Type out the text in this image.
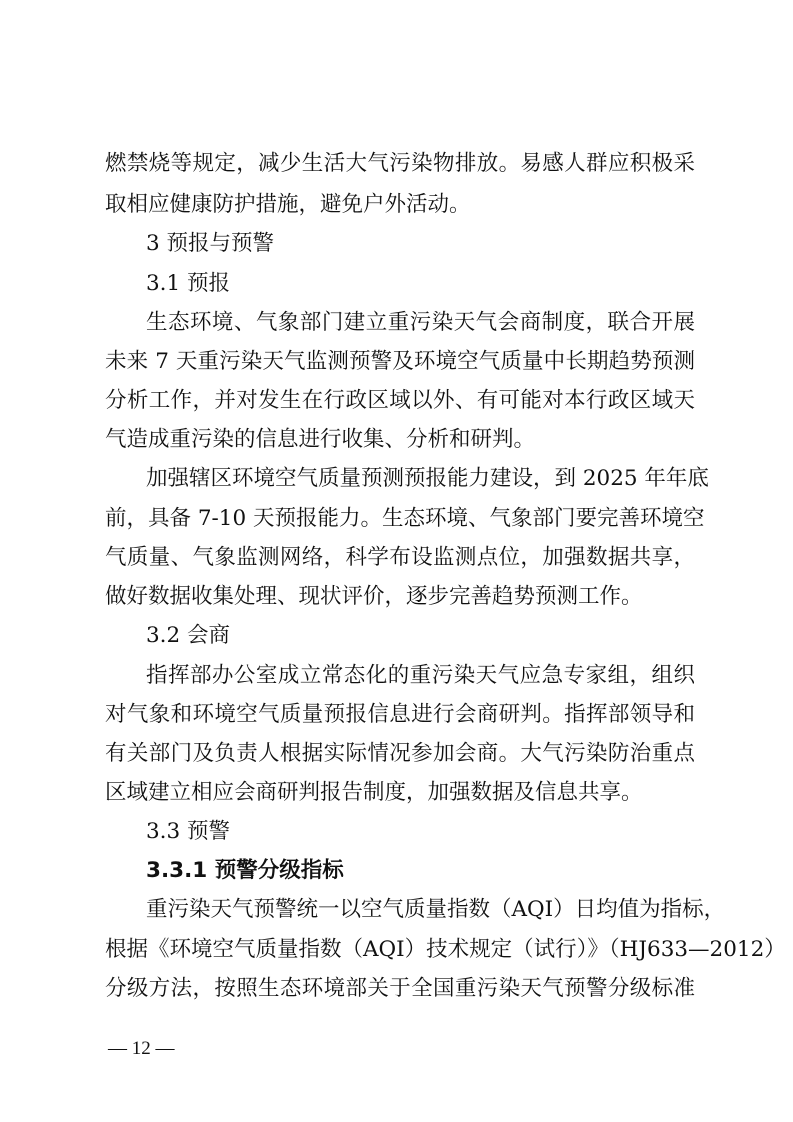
燃禁烧等规定，减少生活大气污染物排放。易感人群应积极采
取相应健康防护措施，避免户外活动。
3 预报与预警
3.1 预报
生态环境、气象部门建立重污染天气会商制度，联合开展
未来 7 天重污染天气监测预警及环境空气质量中长期趋势预测
分析工作，并对发生在行政区域以外、有可能对本行政区域天
气造成重污染的信息进行收集、分析和研判。
加强辖区环境空气质量预测预报能力建设，到 2025 年年底
前，具备 7-10 天预报能力。生态环境、气象部门要完善环境空
气质量、气象监测网络，科学布设监测点位，加强数据共享，
做好数据收集处理、现状评价，逐步完善趋势预测工作。
3.2 会商
指挥部办公室成立常态化的重污染天气应急专家组，组织
对气象和环境空气质量预报信息进行会商研判。指挥部领导和
有关部门及负责人根据实际情况参加会商。大气污染防治重点
区域建立相应会商研判报告制度，加强数据及信息共享。
3.3 预警
3.3.1 预警分级指标
重污染天气预警统一以空气质量指数（AQI）日均值为指标，
根据《环境空气质量指数（AQI）技术规定（试行）》（HJ633—2012）
分级方法，按照生态环境部关于全国重污染天气预警分级标准
— 12 —
